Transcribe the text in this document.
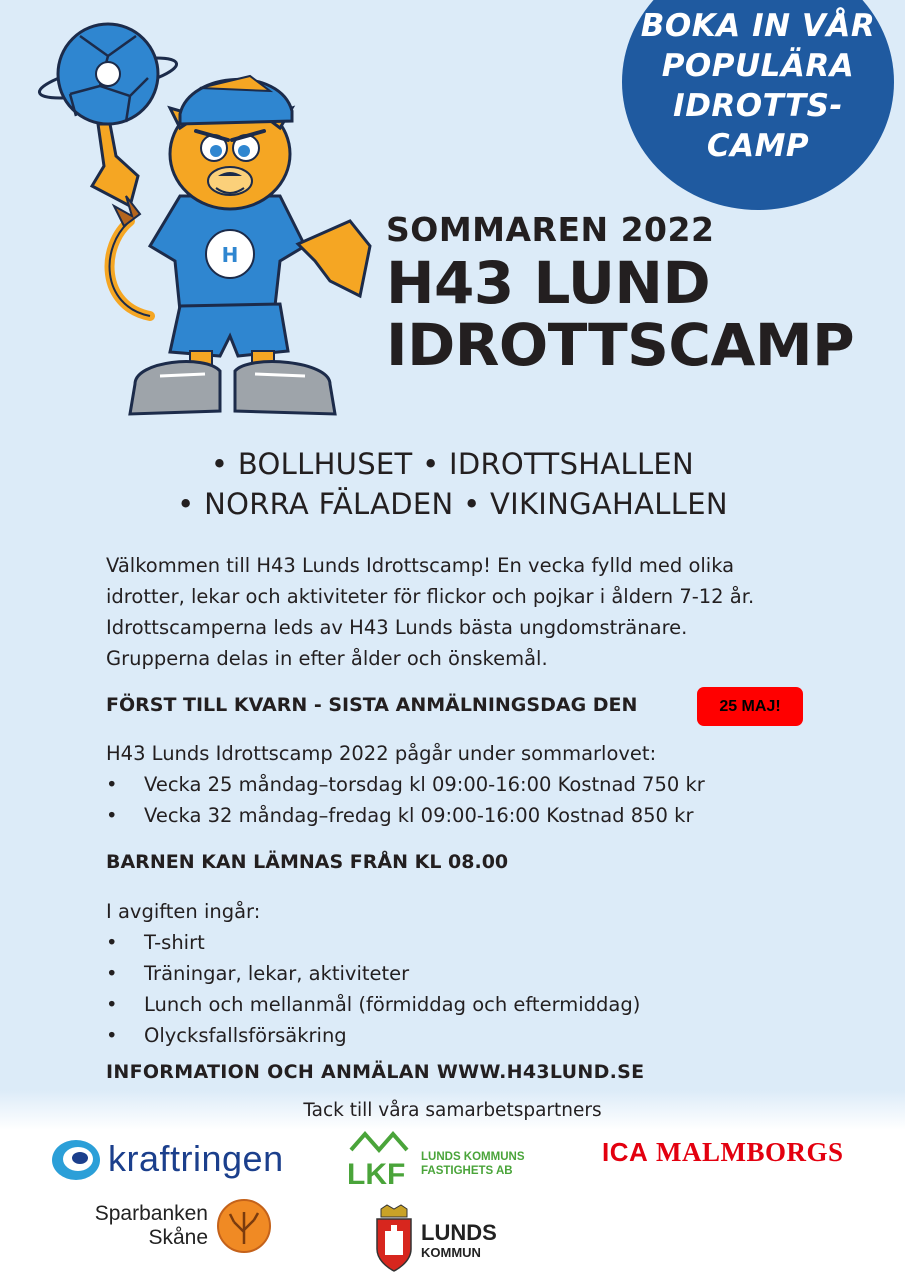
BOKA IN VÅR
POPULÄRA
IDROTTS-
CAMP
H
SOMMAREN 2022
H43 LUND
IDROTTSCAMP
• BOLLHUSET • IDROTTSHALLEN
• NORRA FÄLADEN • VIKINGAHALLEN

Välkommen till H43 Lunds Idrottscamp! En vecka fylld med olika

idrotter, lekar och aktiviteter för flickor och pojkar i åldern 7-12 år.

Idrottscamperna leds av H43 Lunds bästa ungdomstränare.

Grupperna delas in efter ålder och önskemål.

FÖRST TILL KVARN - SISTA ANMÄLNINGSDAG DEN	25 MAJ!
H43 Lunds Idrottscamp 2022 pågår under sommarlovet:
• Vecka 25 måndag–torsdag kl 09:00-16:00 Kostnad 750 kr
• Vecka 32 måndag–fredag kl 09:00-16:00 Kostnad 850 kr
BARNEN KAN LÄMNAS FRÅN KL 08.00
I avgiften ingår:
• T-shirt
• Träningar, lekar, aktiviteter
• Lunch och mellanmål (förmiddag och eftermiddag)
• Olycksfallsförsäkring
INFORMATION OCH ANMÄLAN WWW.H43LUND.SE
Tack till våra samarbetspartners
kraftringen LKF
LUNDS KOMMUNS
FASTIGHETS AB
ICA MALMBORGS
Sparbanken
Skåne	LUNDS
KOMMUN
